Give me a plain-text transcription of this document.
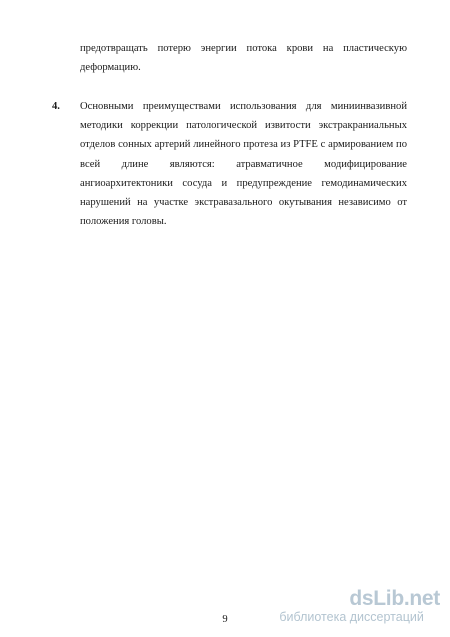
предотвращать потерю энергии потока крови на пластическую
деформацию.
4. Основными преимуществами использования для миниинвазивной
методики коррекции патологической извитости экстракраниальных
отделов сонных артерий линейного протеза из PTFE с армированием по
всей длине являются: атравматичное модифицирование
ангиоархитектоники сосуда и предупреждение гемодинамических
нарушений на участке экстравазального окутывания независимо от
положения головы.
9
dsLib.net
библиотека диссертаций
